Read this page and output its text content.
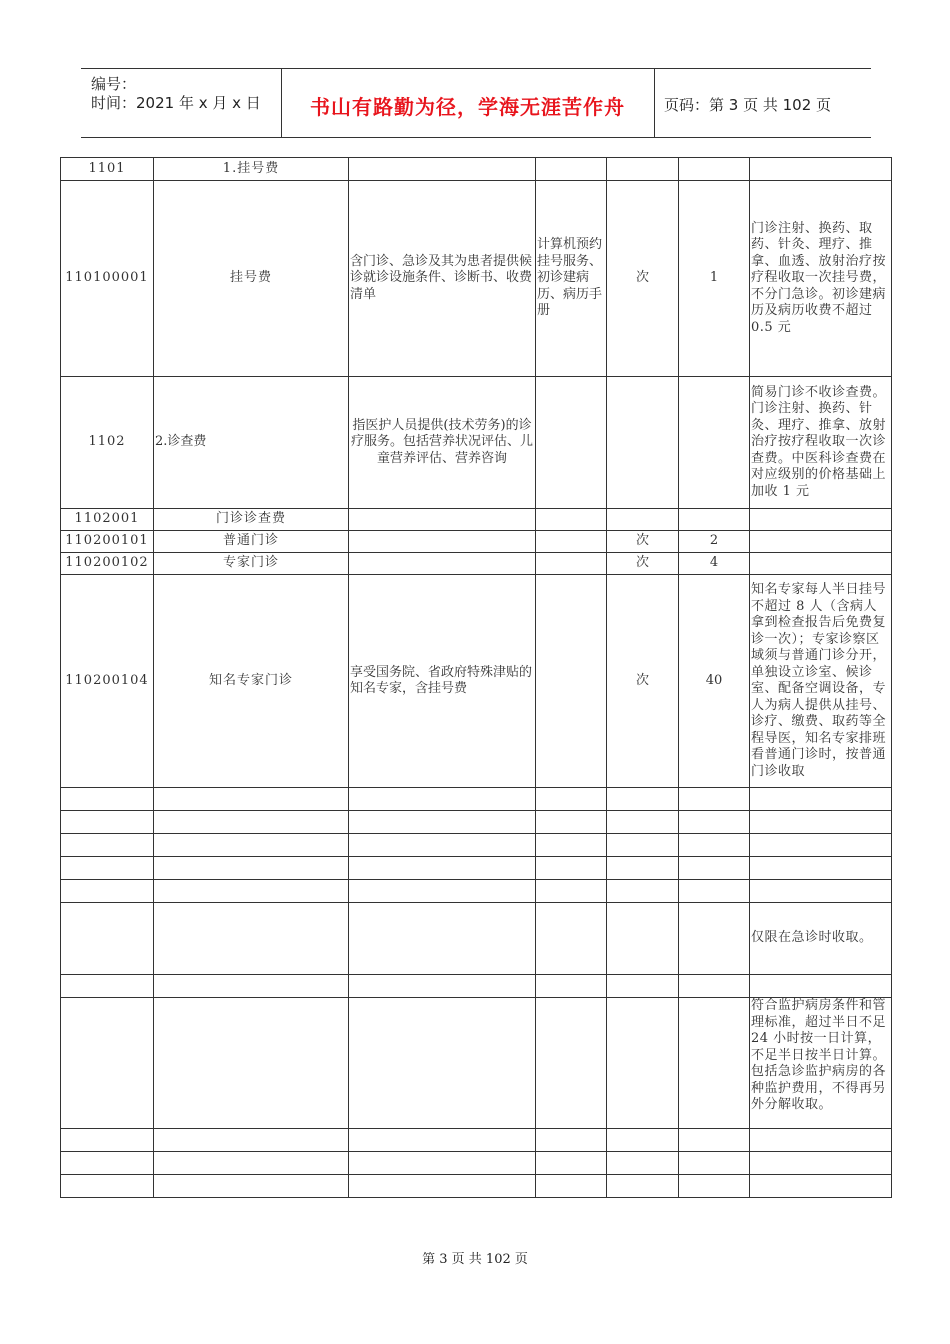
编号：
时间：2021 年 x 月 x 日	书山有路勤为径，学海无涯苦作舟	页码：第 3 页 共 102 页
1101	1.挂号费					
110100001	挂号费	含门诊、急诊及其为患者提供候诊就诊设施条件、诊断书、收费清单	计算机预约挂号服务、初诊建病历、病历手册	次	1	门诊注射、换药、取药、针灸、理疗、推拿、血透、放射治疗按疗程收取一次挂号费，不分门急诊。初诊建病历及病历收费不超过 0.5 元
1102	2.诊查费	指医护人员提供(技术劳务)的诊疗服务。包括营养状况评估、儿童营养评估、营养咨询				简易门诊不收诊查费。门诊注射、换药、针灸、理疗、推拿、放射治疗按疗程收取一次诊查费。中医科诊查费在对应级别的价格基础上加收 1 元
1102001	门诊诊查费					
110200101	普通门诊			次	2	
110200102	专家门诊			次	4	
110200104	知名专家门诊	享受国务院、省政府特殊津贴的知名专家，含挂号费		次	40	知名专家每人半日挂号不超过 8 人（含病人拿到检查报告后免费复诊一次）；专家诊察区域须与普通门诊分开，单独设立诊室、候诊室、配备空调设备，专人为病人提供从挂号、诊疗、缴费、取药等全程导医，知名专家排班看普通门诊时，按普通门诊收取

						仅限在急诊时收取。

						符合监护病房条件和管理标准，超过半日不足 24 小时按一日计算，不足半日按半日计算。包括急诊监护病房的各种监护费用，不得再另外分解收取。

第 3 页 共 102 页
